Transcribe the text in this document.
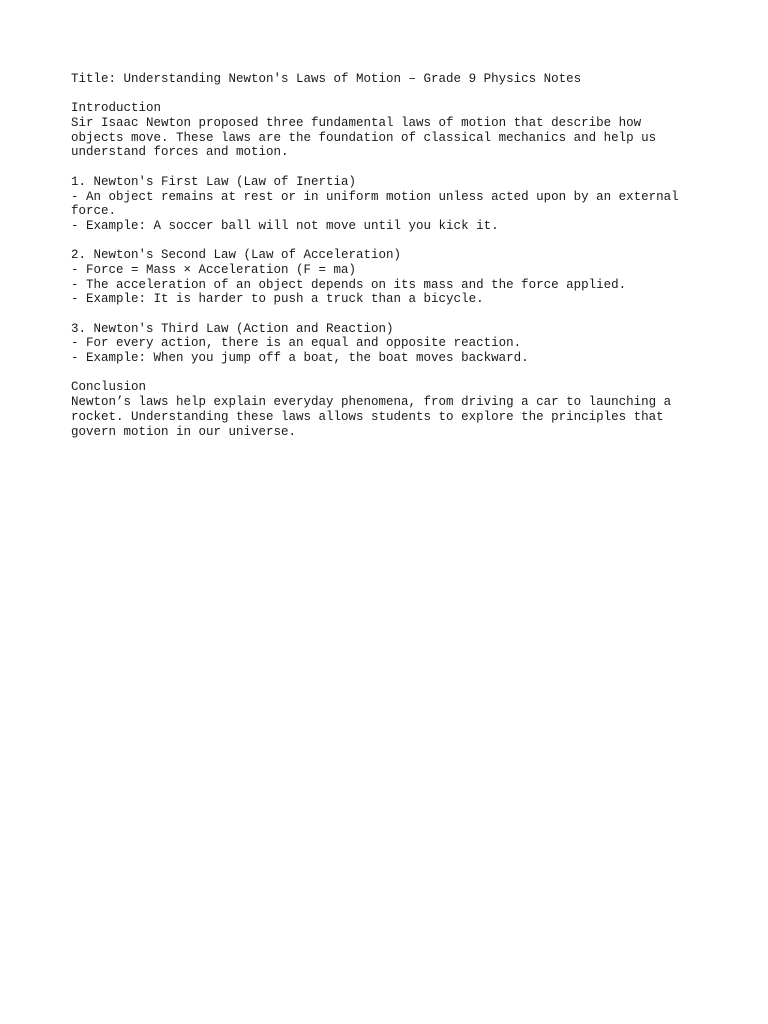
Title: Understanding Newton's Laws of Motion – Grade 9 Physics Notes
Introduction
Sir Isaac Newton proposed three fundamental laws of motion that describe how
objects move. These laws are the foundation of classical mechanics and help us
understand forces and motion.
1. Newton's First Law (Law of Inertia)
- An object remains at rest or in uniform motion unless acted upon by an external
force.
- Example: A soccer ball will not move until you kick it.
2. Newton's Second Law (Law of Acceleration)
- Force = Mass × Acceleration (F = ma)
- The acceleration of an object depends on its mass and the force applied.
- Example: It is harder to push a truck than a bicycle.
3. Newton's Third Law (Action and Reaction)
- For every action, there is an equal and opposite reaction.
- Example: When you jump off a boat, the boat moves backward.
Conclusion
Newton’s laws help explain everyday phenomena, from driving a car to launching a
rocket. Understanding these laws allows students to explore the principles that
govern motion in our universe.
